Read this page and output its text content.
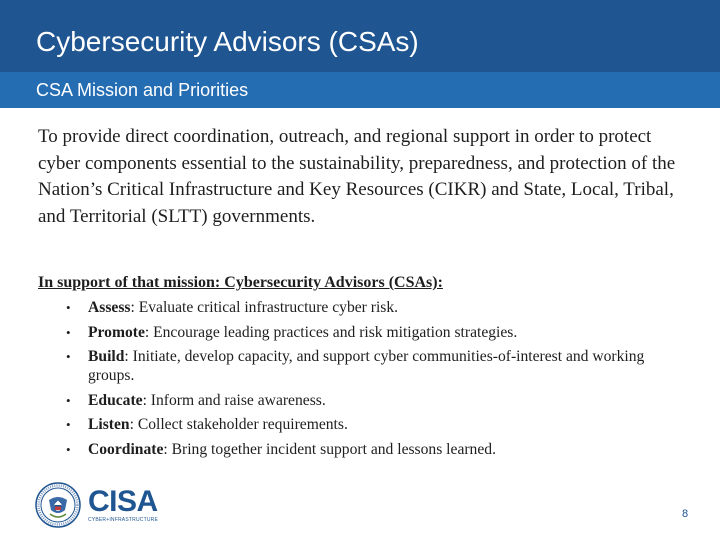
Cybersecurity Advisors (CSAs)
CSA Mission and Priorities

To provide direct coordination, outreach, and regional support in order to protect cyber components essential to the sustainability, preparedness, and protection of the Nation’s Critical Infrastructure and Key Resources (CIKR) and State, Local, Tribal, and Territorial (SLTT) governments.

In support of that mission: Cybersecurity Advisors (CSAs):

• Assess: Evaluate critical infrastructure cyber risk.
• Promote: Encourage leading practices and risk mitigation strategies.
• Build: Initiate, develop capacity, and support cyber communities-of-interest and working groups.
• Educate: Inform and raise awareness.
• Listen: Collect stakeholder requirements.
• Coordinate: Bring together incident support and lessons learned.
CISA
CYBER+INFRASTRUCTURE	8
